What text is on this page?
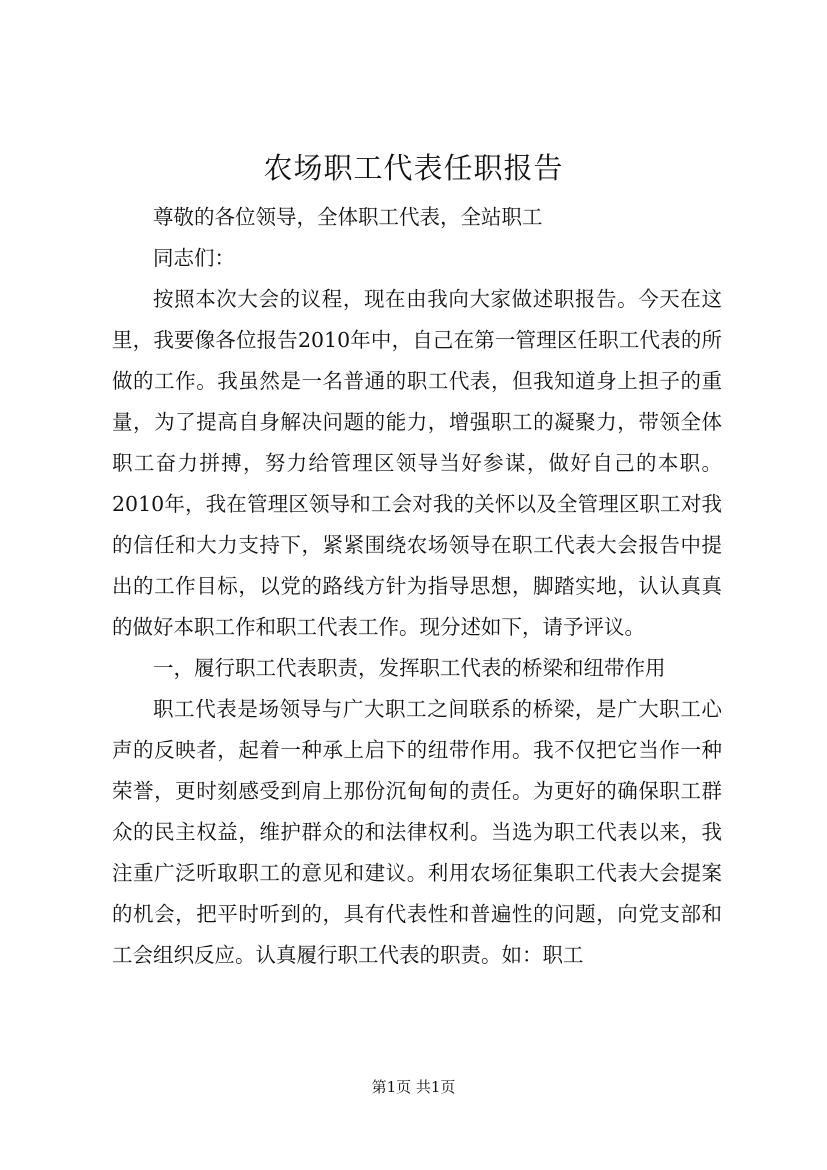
农场职工代表任职报告

尊敬的各位领导，全体职工代表，全站职工

同志们：

按照本次大会的议程，现在由我向大家做述职报告。今天在这里，我要像各位报告2010年中，自己在第一管理区任职工代表的所做的工作。我虽然是一名普通的职工代表，但我知道身上担子的重量，为了提高自身解决问题的能力，增强职工的凝聚力，带领全体职工奋力拼搏，努力给管理区领导当好参谋，做好自己的本职。2010年，我在管理区领导和工会对我的关怀以及全管理区职工对我的信任和大力支持下，紧紧围绕农场领导在职工代表大会报告中提出的工作目标，以党的路线方针为指导思想，脚踏实地，认认真真的做好本职工作和职工代表工作。现分述如下，请予评议。

一，履行职工代表职责，发挥职工代表的桥梁和纽带作用

职工代表是场领导与广大职工之间联系的桥梁，是广大职工心声的反映者，起着一种承上启下的纽带作用。我不仅把它当作一种荣誉，更时刻感受到肩上那份沉甸甸的责任。为更好的确保职工群众的民主权益，维护群众的和法律权利。当选为职工代表以来，我注重广泛听取职工的意见和建议。利用农场征集职工代表大会提案的机会，把平时听到的，具有代表性和普遍性的问题，向党支部和工会组织反应。认真履行职工代表的职责。如：职工

第1页 共1页
